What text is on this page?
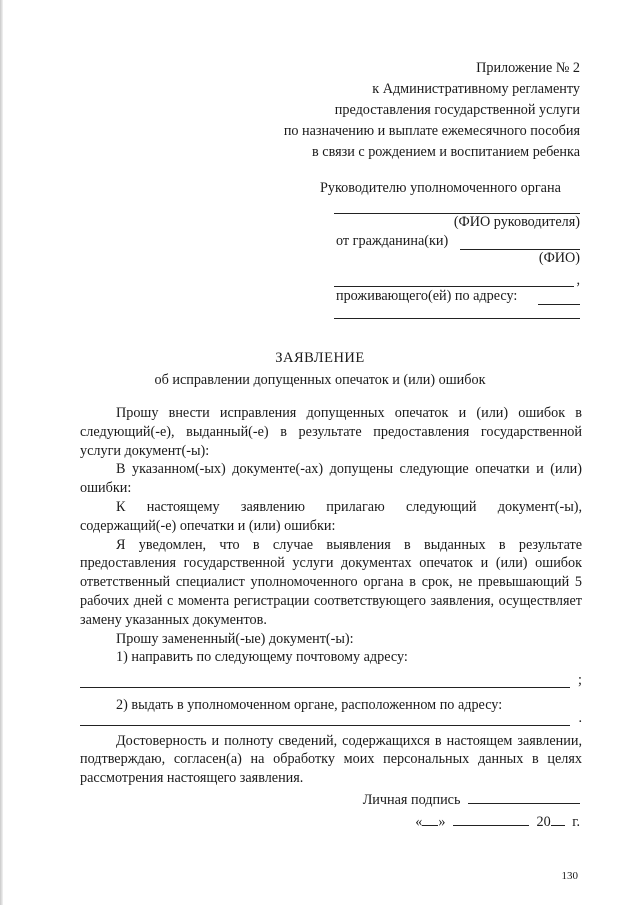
Приложение № 2
к Административному регламенту
предоставления государственной услуги
по назначению и выплате ежемесячного пособия
в связи с рождением и воспитанием ребенка
Руководителю уполномоченного органа
(ФИО руководителя)
от гражданина(ки)
(ФИО)
,
проживающего(ей) по адресу:
ЗАЯВЛЕНИЕ
об исправлении допущенных опечаток и (или) ошибок

Прошу внести исправления допущенных опечаток и (или) ошибок в следующий(-е), выданный(-е) в результате предоставления государственной услуги документ(-ы):

В указанном(-ых) документе(-ах) допущены следующие опечатки и (или) ошибки:

К настоящему заявлению прилагаю следующий документ(-ы), содержащий(-е) опечатки и (или) ошибки:

Я уведомлен, что в случае выявления в выданных в результате предоставления государственной услуги документах опечаток и (или) ошибок ответственный специалист уполномоченного органа в срок, не превышающий 5 рабочих дней с момента регистрации соответствующего заявления, осуществляет замену указанных документов.

Прошу замененный(-ые) документ(-ы):

1) направить по следующему почтовому адресу:

;

2) выдать в уполномоченном органе, расположенном по адресу:

.

Достоверность и полноту сведений, содержащихся в настоящем заявлении, подтверждаю, согласен(а) на обработку моих персональных данных в целях рассмотрения настоящего заявления.

Личная подпись
« »	20 г.
130
